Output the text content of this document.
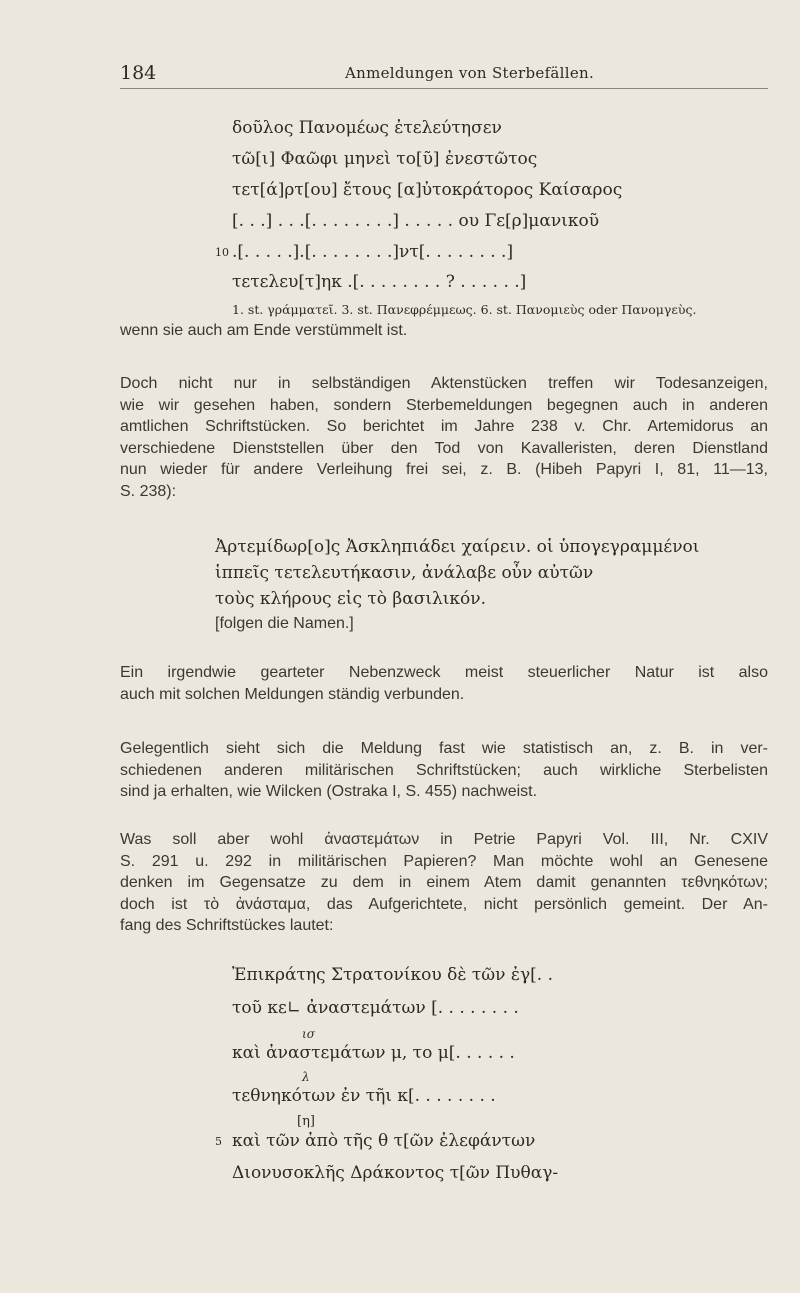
184	Anmeldungen von Sterbefällen.
δοῦλος Πανομέως ἐτελεύτησεν
τῶ[ι] Φαῶφι μηνεὶ το[ῦ] ἐνεστῶτος
τετ[ά]ρτ[ου] ἔτους [α]ὐτοκράτορος Καίσαρος
[. . .] . . .[. . . . . . . .] . . . . . ου Γε[ρ]μανικοῦ
10 .[. . . . .].[. . . . . . . .]ντ[. . . . . . . .]
τετελευ[τ]ηκ .[. . . . . . . . ? . . . . . .]
1. st. γράμματεῖ. 3. st. Πανεφρέμμεως. 6. st. Πανομιεὺς oder Πανομγεὺς.
wenn sie auch am Ende verstümmelt ist.
Doch nicht nur in selbständigen Aktenstücken treffen wir Todesanzeigen,
wie wir gesehen haben, sondern Sterbemeldungen begegnen auch in anderen
amtlichen Schriftstücken. So berichtet im Jahre 238 v. Chr. Artemidorus an
verschiedene Dienststellen über den Tod von Kavalleristen, deren Dienstland
nun wieder für andere Verleihung frei sei, z. B. (Hibeh Papyri I, 81, 11—13,
S. 238):
Ἀρτεμίδωρ[ο]ς Ἀσκληπιάδει χαίρειν. οἱ ὑπογεγραμμένοι
ἱππεῖς τετελευτήκασιν, ἀνάλαβε οὖν αὐτῶν
τοὺς κλήρους εἰς τὸ βασιλικόν.
[folgen die Namen.]
Ein irgendwie gearteter Nebenzweck meist steuerlicher Natur ist also
auch mit solchen Meldungen ständig verbunden.
Gelegentlich sieht sich die Meldung fast wie statistisch an, z. B. in ver-
schiedenen anderen militärischen Schriftstücken; auch wirkliche Sterbelisten
sind ja erhalten, wie Wilcken (Ostraka I, S. 455) nachweist.
Was soll aber wohl ἀναστεμάτων in Petrie Papyri Vol. III, Nr. CXIV
S. 291 u. 292 in militärischen Papieren? Man möchte wohl an Genesene
denken im Gegensatze zu dem in einem Atem damit genannten τεθνηκότων;
doch ist τὸ ἀνάσταμα, das Aufgerichtete, nicht persönlich gemeint. Der An-
fang des Schriftstückes lautet:
Ἐπικράτης Στρατονίκου δὲ τῶν ἐγ[. .
τοῦ κε∟ ἀναστεμάτων [. . . . . . . .
ισ
καὶ ἀναστεμάτων μ, το μ[. . . . . .
λ
τεθνηκότων ἐν τῆι κ[. . . . . . . .
[η]
5 καὶ τῶν ἀπὸ τῆς θ τ[ῶν ἐλεφάντων
Διονυσοκλῆς Δράκοντος τ[ῶν Πυθαγ-
